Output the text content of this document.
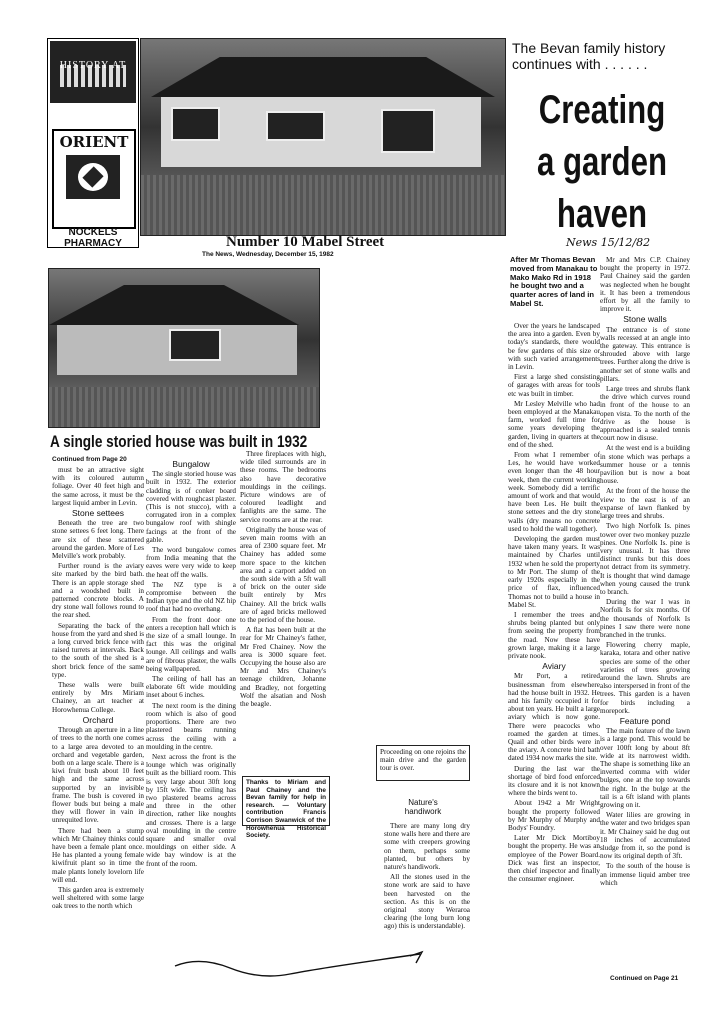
HISTORY AT HOME
ORIENT
NOCKELS PHARMACY
The Bevan family history continues with . . . . . .
Creating a garden haven
News 15/12/82
Number 10 Mabel Street
The News, Wednesday, December 15, 1982
A single storied house was built in 1932
Continued from Page 20

must be an attractive sight with its coloured autumn foliage. Over 40 feet high and the same across, it must be the largest liquid amber in Levin.

Stone settees

Beneath the tree are two stone settees 6 feet long. There are six of these scattered around the garden. More of Les Melville's work probably.

Further round is the aviary site marked by the bird bath. There is an apple storage shed and a woodshed built in patterned concrete blocks. A dry stone wall follows round to the rear shed.

Separating the back of the house from the yard and shed is a long curved brick fence with raised turrets at intervals. Back to the south of the shed is a short brick fence of the same type.

These walls were built entirely by Mrs Miriam Chainey, an art teacher at Horowhenua College.

Orchard

Through an aperture in a line of trees to the north one comes to a large area devoted to an orchard and vegetable garden, both on a large scale. There is a kiwi fruit bush about 10 feet high and the same across supported by an invisible frame. The bush is covered in flower buds but being a male they will flower in vain in unrequited love.

There had been a stump which Mr Chainey thinks could have been a female plant once. He has planted a young female kiwifruit plant so in time the male plants lonely lovelorn life will end.

This garden area is extremely well sheltered with some large oak trees to the north which

Bungalow

The single storied house was built in 1932. The exterior cladding is of conker board covered with roughcast plaster. (This is not stucco), with a corrugated iron in a complex bungalow roof with shingle facings at the front of the gable.

The word bungalow comes from India meaning that the eaves were very wide to keep the heat off the walls.

The NZ type is a compromise between the Indian type and the old NZ hip roof that had no overhang.

From the front door one enters a reception hall which is the size of a small lounge. In fact this was the original lounge. All ceilings and walls are of fibrous plaster, the walls being wallpapered.

The ceiling of hall has an elaborate 6ft wide moulding inset about 6 inches.

The next room is the dining room which is also of good proportions. There are two plastered beams running across the ceiling with a moulding in the centre.

Next across the front is the lounge which was originally built as the billiard room. This is very large about 30ft long by 15ft wide. The ceiling has two plastered beams across and three in the other direction, rather like noughts and crosses. There is a large oval moulding in the centre square and smaller oval mouldings on either side. A wide bay window is at the front of the room.

Three fireplaces with high, wide tiled surrounds are in these rooms. The bedrooms also have decorative mouldings in the ceilings. Picture windows are of coloured leadlight and fanlights are the same. The service rooms are at the rear.

Originally the house was of seven main rooms with an area of 2300 square feet. Mr Chainey has added some more space to the kitchen area and a carport added on the south side with a 5ft wall of brick on the outer side built entirely by Mrs Chainey. All the brick walls are of aged bricks mellowed to the period of the house.

A flat has been built at the rear for Mr Chainey's father, Mr Fred Chainey. Now the area is 3000 square feet. Occupying the house also are Mr and Mrs Chainey's teenage children, Johanne and Bradley, not forgetting Wolf the alsatian and Nosh the beagle.

Thanks to Miriam and Paul Chainey and the Bevan family for help in research. — Voluntary contribution Francis Corrison Swanwick of the Horowhenua Historical Society.
Proceeding on one rejoins the main drive and the garden tour is over.
Nature's handiwork

There are many long dry stone walls here and there are some with creepers growing on them, perhaps some planted, but others by nature's handiwork.

All the stones used in the stone work are said to have been harvested on the section. As this is on the original stony Weraroa clearing (the long burn long ago) this is understandable).

After Mr Thomas Bevan moved from Manakau to Mako Mako Rd in 1918 he bought two and a quarter acres of land in Mabel St.

Over the years he landscaped the area into a garden. Even by today's standards, there would be few gardens of this size or with such varied arrangements in Levin.

First a large shed consisting of garages with areas for tools etc was built in timber.

Mr Lesley Melville who had been employed at the Manakau farm, worked full time for some years developing the garden, living in quarters at the end of the shed.

From what I remember of Les, he would have worked even longer than the 48 hour week, then the current working week. Somebody did a terrific amount of work and that would have been Les. He built the stone settees and the dry stone walls (dry means no concrete used to hold the wall together).

Developing the garden must have taken many years. It was maintained by Charles until 1932 when he sold the property to Mr Port. The slump of the early 1920s especially in the price of flax, influenced Thomas not to build a house in Mabel St.

I remember the trees and shrubs being planted but only from seeing the property from the road. Now these have grown large, making it a large private nook.

Aviary

Mr Port, a retired businessman from elsewhere had the house built in 1932. He and his family occupied it for about ten years. He built a large aviary which is now gone. There were peacocks who roamed the garden at times. Quail and other birds were in the aviary. A concrete bird bath dated 1934 now marks the site.

During the last war the shortage of bird food enforced its closure and it is not known where the birds went to.

About 1942 a Mr Wright bought the property followed by Mr Murphy of Murphy and Bodys' Foundry.

Later Mr Dick Mortiboy bought the property. He was an employee of the Power Board. Dick was first an inspector, then chief inspector and finally the consumer engineer.

Mr and Mrs C.P. Chainey bought the property in 1972. Paul Chainey said the garden was neglected when he bought it. It has been a tremendous effort by all the family to improve it.

Stone walls

The entrance is of stone walls recessed at an angle into the gateway. This entrance is shrouded above with large trees. Further along the drive is another set of stone walls and pillars.

Large trees and shrubs flank the drive which curves round in front of the house to an open vista. To the north of the drive as the house is approached is a sealed tennis court now in disuse.

At the west end is a building in stone which was perhaps a summer house or a tennis pavilion but is now a boat house.

At the front of the house the view to the east is of an expanse of lawn flanked by large trees and shrubs.

Two high Norfolk Is. pines tower over two monkey puzzle pines. One Norfolk Is. pine is very unusual. It has three distinct trunks but this does not detract from its symmetry. It is thought that wind damage when young caused the trunk to branch.

During the war I was in Norfolk Is for six months. Of the thousands of Norfolk Is pines I saw there were none branched in the trunks.

Flowering cherry maple, karaka, totara and other native species are some of the other varieties of trees growing around the lawn. Shrubs are also interspersed in front of the trees. This garden is a haven for birds including a morepork.

Feature pond

The main feature of the lawn is a large pond. This would be over 100ft long by about 8ft wide at its narrowest width. The shape is something like an inverted comma with wider bulges, one at the top towards the right. In the bulge at the tail is a 6ft island with plants growing on it.

Water lilies are growing in the water and two bridges span it. Mr Chainey said he dug out 18 inches of accumulated sludge from it, so the pond is now its original depth of 3ft.

To the south of the house is an immense liquid amber tree which

Continued on Page 21
